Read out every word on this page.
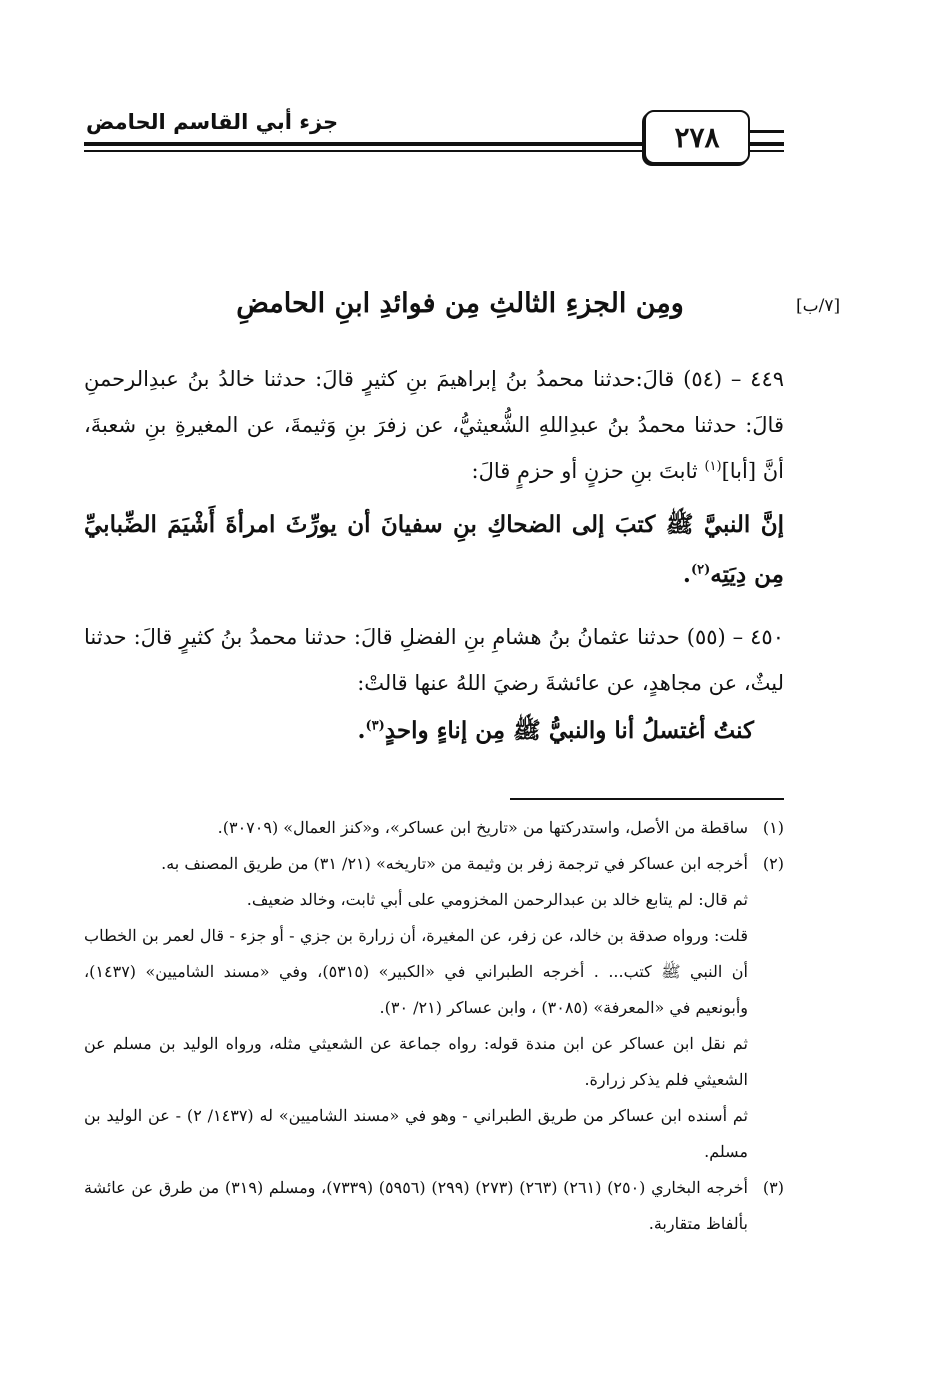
٢٧٨
جزء أبي القاسم الحامض
[٧/ب]
ومِن الجزءِ الثالثِ مِن فوائدِ ابنِ الحامضِ

٤٤٩ – (٥٤) قالَ:حدثنا محمدُ بنُ إبراهيمَ بنِ كثيرٍ قالَ: حدثنا خالدُ بنُ عبدِالرحمنِ قالَ: حدثنا محمدُ بنُ عبدِاللهِ الشُّعيثيُّ، عن زفرَ بنِ وَثيمةَ، عن المغيرةِ بنِ شعبةَ، أنَّ [أبا]$^{(١)}$ ثابتَ بنِ حزنٍ أو حزمٍ قالَ:

إنَّ النبيَّ ﷺ كتبَ إلى الضحاكِ بنِ سفيانَ أن يورِّثَ امرأةَ أَشْيَمَ الضِّبابيِّ مِن دِيَتِه$^{(٢)}$.

٤٥٠ – (٥٥) حدثنا عثمانُ بنُ هشامِ بنِ الفضلِ قالَ: حدثنا محمدُ بنُ كثيرٍ قالَ: حدثنا ليثٌ، عن مجاهدٍ، عن عائشةَ رضيَ اللهُ عنها قالتْ:

كنتُ أغتسلُ أنا والنبيُّ ﷺ مِن إناءٍ واحدٍ$^{(٣)}$.

(١)

ساقطة من الأصل، واستدركتها من «تاريخ ابن عساكر»، و«كنز العمال» (٣٠٧٠٩).

(٢)

أخرجه ابن عساكر في ترجمة زفر بن وثيمة من «تاريخه» (٢١/ ٣١) من طريق المصنف به.

ثم قال: لم يتابع خالد بن عبدالرحمن المخزومي على أبي ثابت، وخالد ضعيف.

قلت: ورواه صدقة بن خالد، عن زفر، عن المغيرة، أن زرارة بن جزي - أو جزء - قال لعمر بن الخطاب أن النبي ﷺ كتب... . أخرجه الطبراني في «الكبير» (٥٣١٥)، وفي «مسند الشاميين» (١٤٣٧)، وأبونعيم في «المعرفة» (٣٠٨٥) ، وابن عساكر (٢١/ ٣٠).

ثم نقل ابن عساكر عن ابن مندة قوله: رواه جماعة عن الشعيثي مثله، ورواه الوليد بن مسلم عن الشعيثي فلم يذكر زرارة.

ثم أسنده ابن عساكر من طريق الطبراني - وهو في «مسند الشاميين» له (١٤٣٧/ ٢) - عن الوليد بن مسلم.

(٣)

أخرجه البخاري (٢٥٠) (٢٦١) (٢٦٣) (٢٧٣) (٢٩٩) (٥٩٥٦) (٧٣٣٩)، ومسلم (٣١٩) من طرق عن عائشة بألفاظ متقاربة.
